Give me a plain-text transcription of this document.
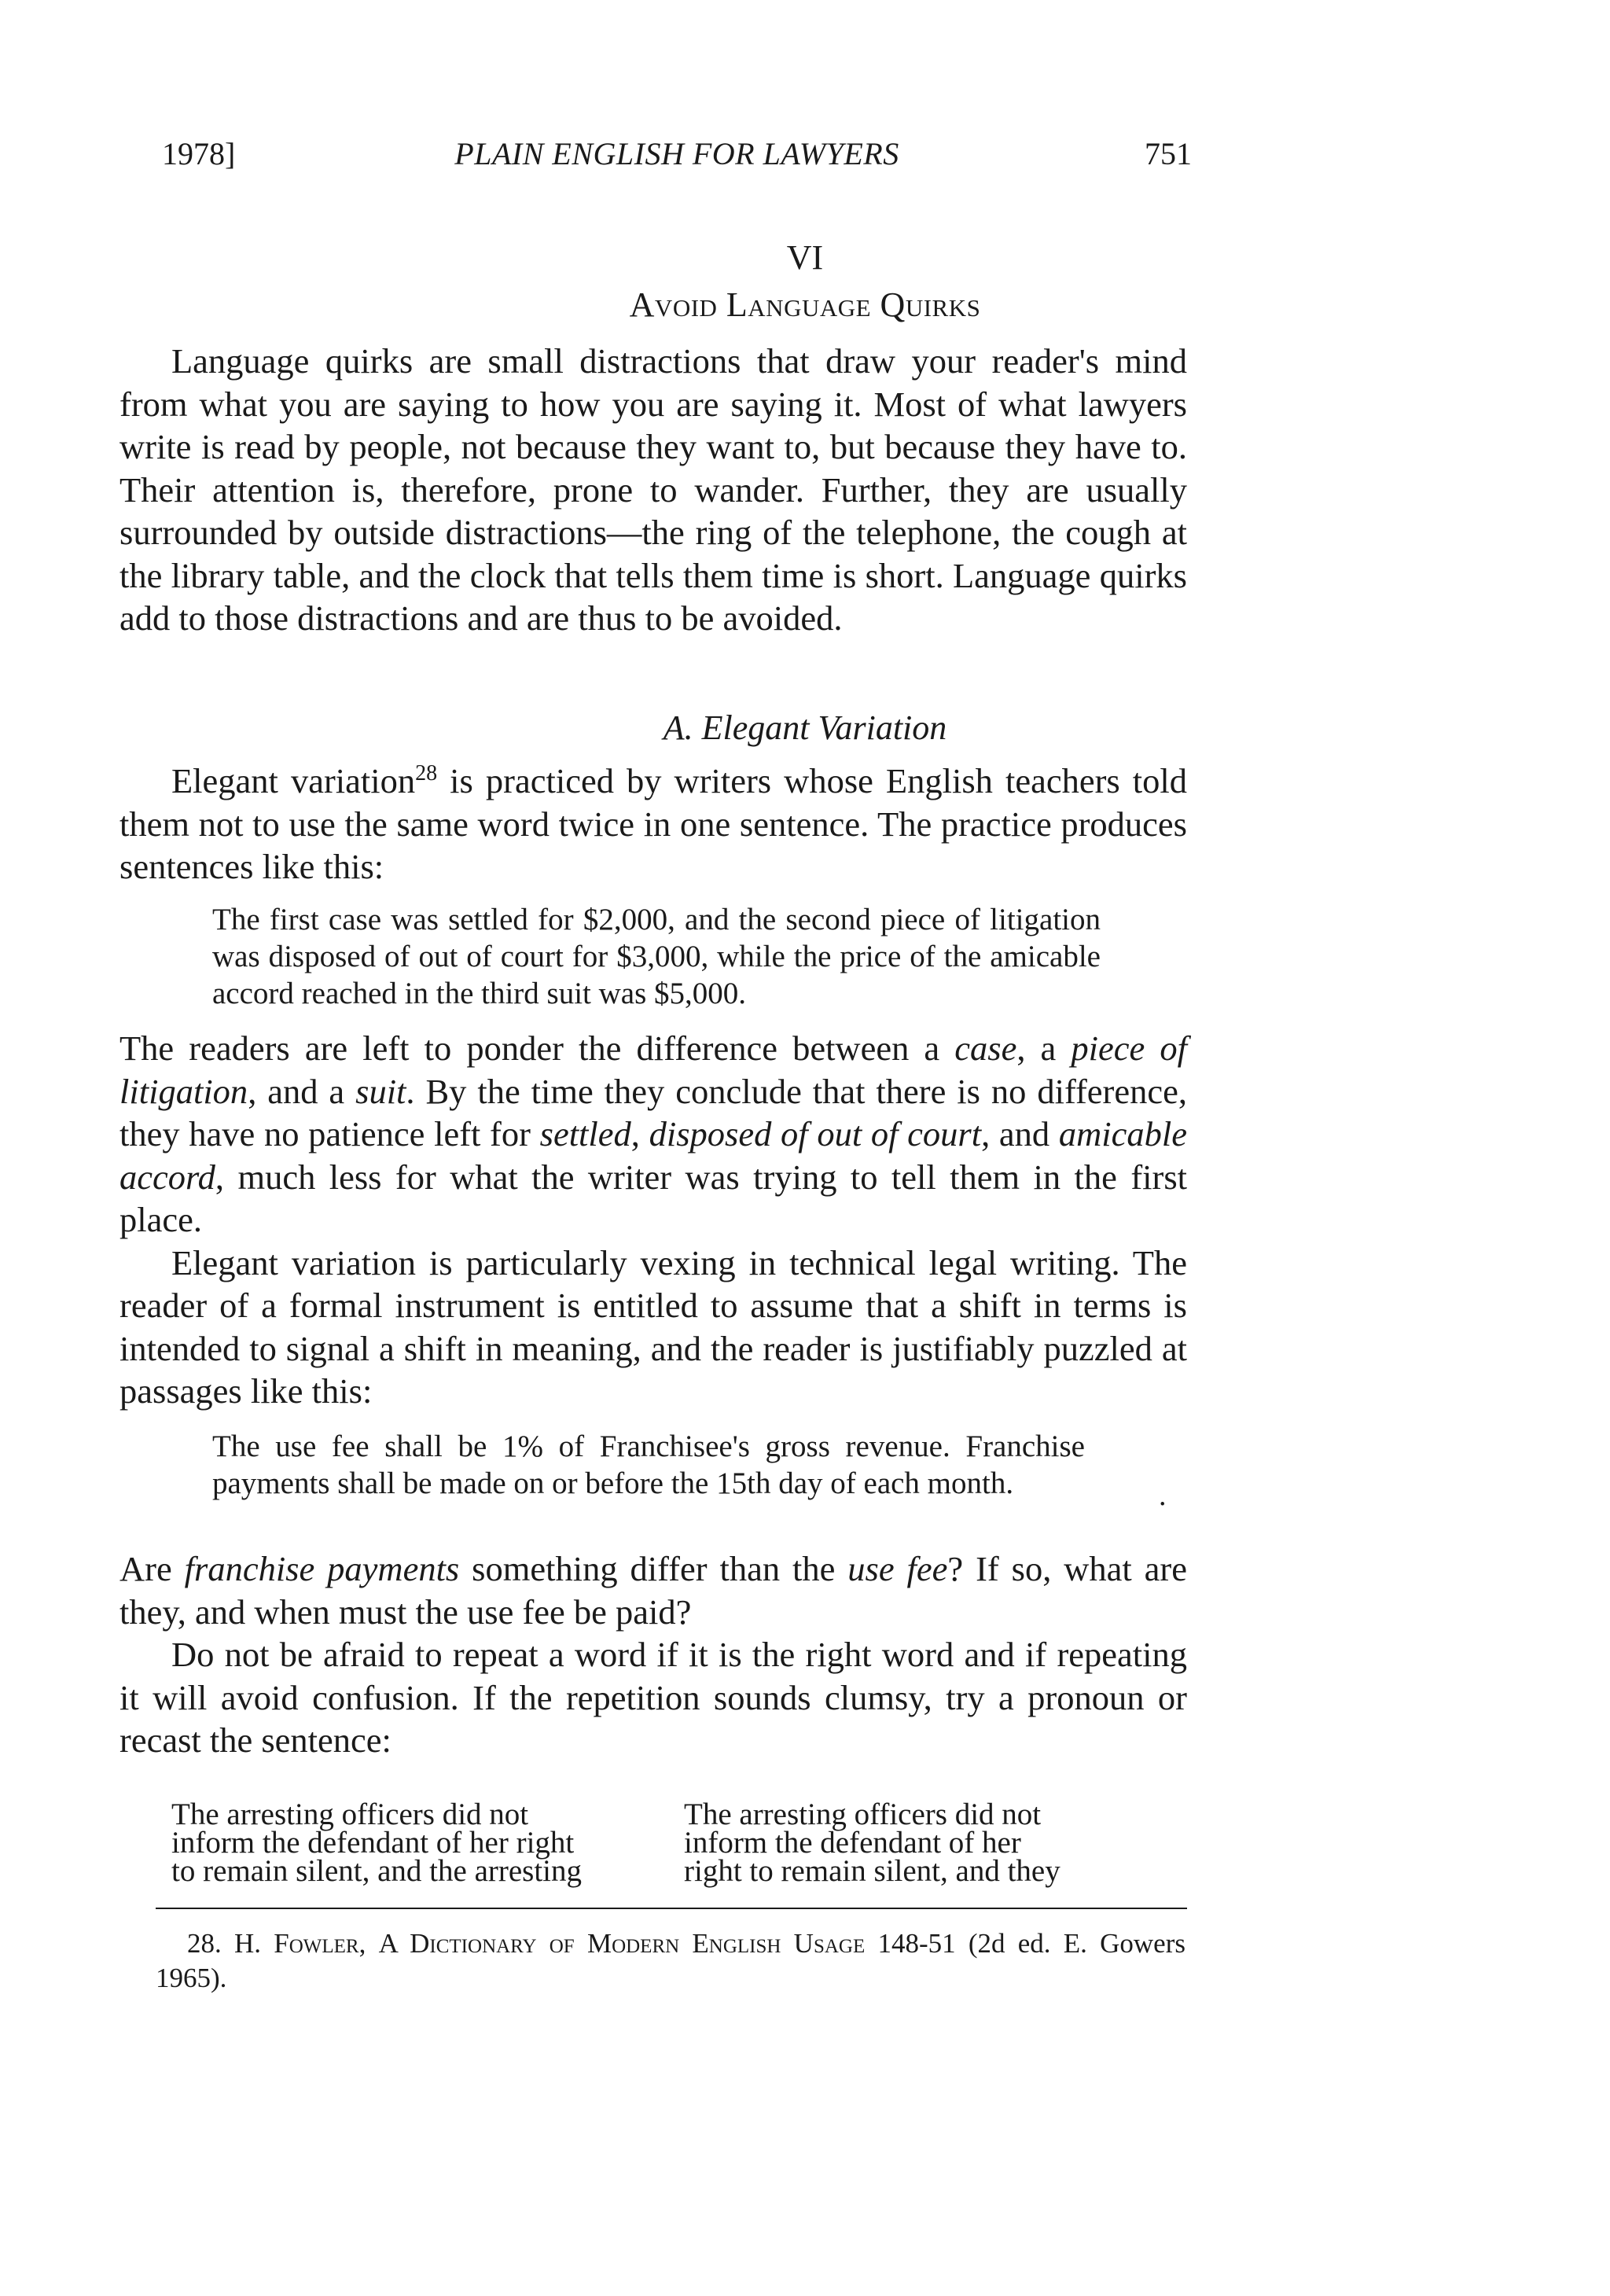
1978]	PLAIN ENGLISH FOR LAWYERS	751
VI
Avoid Language Quirks

Language quirks are small distractions that draw your reader's mind from what you are saying to how you are saying it. Most of what lawyers write is read by people, not because they want to, but because they have to. Their attention is, therefore, prone to wander. Further, they are usually surrounded by outside distractions—the ring of the telephone, the cough at the library table, and the clock that tells them time is short. Language quirks add to those distractions and are thus to be avoided.

A. Elegant Variation

Elegant variation$^{28}$ is practiced by writers whose English teachers told them not to use the same word twice in one sentence. The practice produces sentences like this:

The first case was settled for $2,000, and the second piece of litigation was disposed of out of court for $3,000, while the price of the amicable accord reached in the third suit was $5,000.

The readers are left to ponder the difference between a case, a piece of litigation, and a suit. By the time they conclude that there is no difference, they have no patience left for settled, disposed of out of court, and amicable accord, much less for what the writer was trying to tell them in the first place.

Elegant variation is particularly vexing in technical legal writing. The reader of a formal instrument is entitled to assume that a shift in terms is intended to signal a shift in meaning, and the reader is justifiably puzzled at passages like this:

The use fee shall be 1% of Franchisee's gross revenue. Franchise payments shall be made on or before the 15th day of each month.	.

Are franchise payments something differ than the use fee? If so, what are they, and when must the use fee be paid?

Do not be afraid to repeat a word if it is the right word and if repeating it will avoid confusion. If the repetition sounds clumsy, try a pronoun or recast the sentence:

The arresting officers did not
inform the defendant of her right
to remain silent, and the arresting
The arresting officers did not
inform the defendant of her
right to remain silent, and they
28. H. Fowler, A Dictionary of Modern English Usage 148-51 (2d ed. E. Gowers 1965).
